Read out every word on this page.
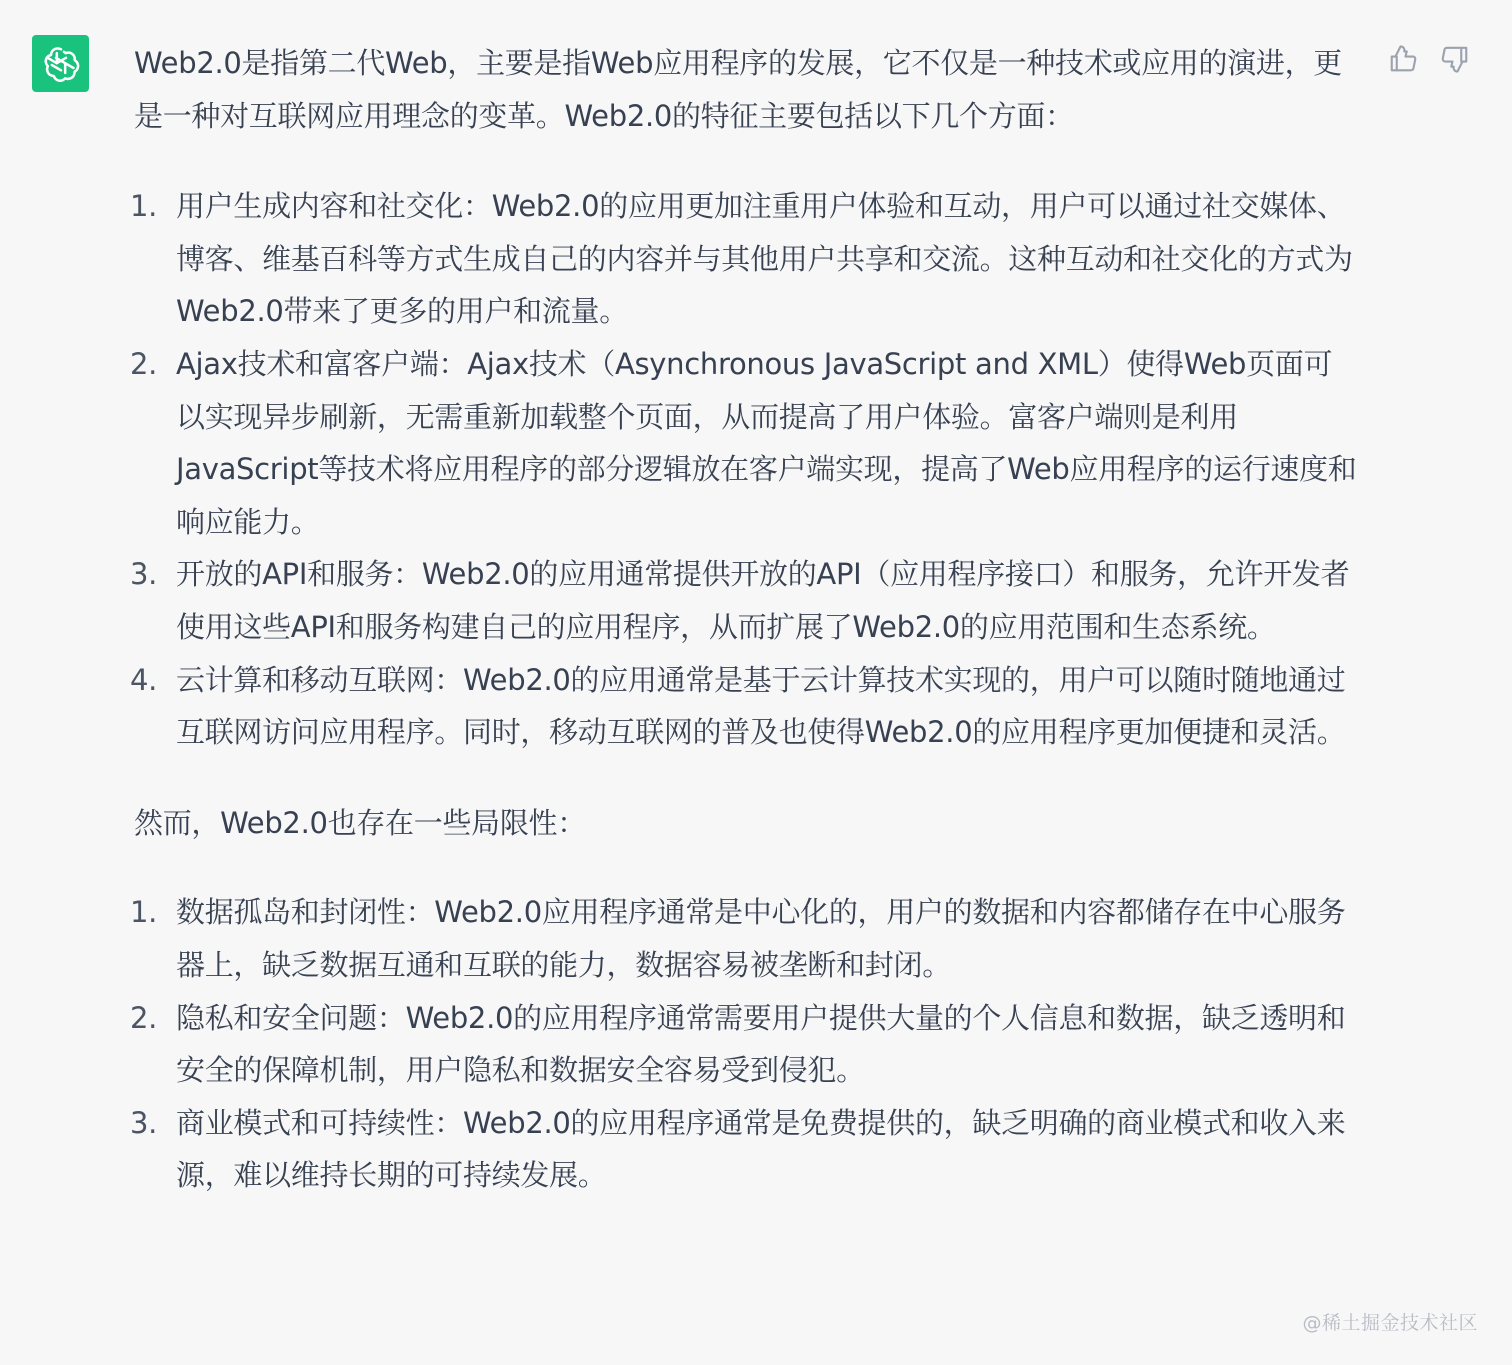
Web2.0是指第二代Web，主要是指Web应用程序的发展，它不仅是一种技术或应用的演进，更是一种对互联网应用理念的变革。Web2.0的特征主要包括以下几个方面：

1. 用户生成内容和社交化：Web2.0的应用更加注重用户体验和互动，用户可以通过社交媒体、博客、维基百科等方式生成自己的内容并与其他用户共享和交流。这种互动和社交化的方式为Web2.0带来了更多的用户和流量。
2. Ajax技术和富客户端：Ajax技术（Asynchronous JavaScript and XML）使得Web页面可以实现异步刷新，无需重新加载整个页面，从而提高了用户体验。富客户端则是利用JavaScript等技术将应用程序的部分逻辑放在客户端实现，提高了Web应用程序的运行速度和响应能力。
3. 开放的API和服务：Web2.0的应用通常提供开放的API（应用程序接口）和服务，允许开发者使用这些API和服务构建自己的应用程序，从而扩展了Web2.0的应用范围和生态系统。
4. 云计算和移动互联网：Web2.0的应用通常是基于云计算技术实现的，用户可以随时随地通过互联网访问应用程序。同时，移动互联网的普及也使得Web2.0的应用程序更加便捷和灵活。

然而，Web2.0也存在一些局限性：

1. 数据孤岛和封闭性：Web2.0应用程序通常是中心化的，用户的数据和内容都储存在中心服务器上，缺乏数据互通和互联的能力，数据容易被垄断和封闭。
2. 隐私和安全问题：Web2.0的应用程序通常需要用户提供大量的个人信息和数据，缺乏透明和安全的保障机制，用户隐私和数据安全容易受到侵犯。
3. 商业模式和可持续性：Web2.0的应用程序通常是免费提供的，缺乏明确的商业模式和收入来源，难以维持长期的可持续发展。
@稀土掘金技术社区
